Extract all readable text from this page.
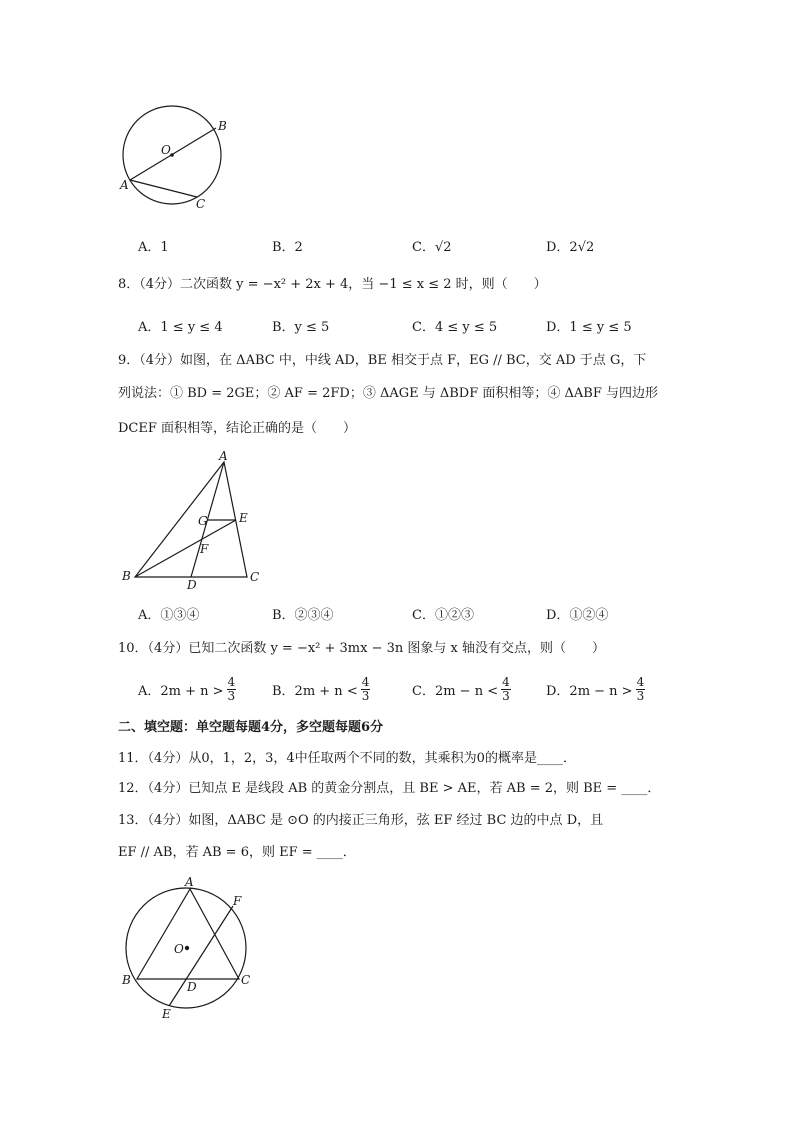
O
B
A
C
A．1	B．2	C．√2	D．2√2
8．（4分）二次函数 y = −x² + 2x + 4，当 −1 ≤ x ≤ 2 时，则（　　）
A．1 ≤ y ≤ 4	B．y ≤ 5	C．4 ≤ y ≤ 5	D．1 ≤ y ≤ 5
9．（4分）如图，在 ΔABC 中，中线 AD，BE 相交于点 F，EG // BC，交 AD 于点 G，下
列说法：① BD = 2GE；② AF = 2FD；③ ΔAGE 与 ΔBDF 面积相等；④ ΔABF 与四边形
DCEF 面积相等，结论正确的是（　　）
A
B	C
D
E
F
G
A．①③④	B．②③④	C．①②③	D．①②④
10．（4分）已知二次函数 y = −x² + 3mx − 3n 图象与 x 轴没有交点，则（　　）
A．$2m + n > \frac{4}{3}$	B．$2m + n < \frac{4}{3}$	C．$2m - n < \frac{4}{3}$	D．$2m - n > \frac{4}{3}$
二、填空题：单空题每题4分，多空题每题6分
11．（4分）从0，1，2，3，4中任取两个不同的数，其乘积为0的概率是____．
12．（4分）已知点 E 是线段 AB 的黄金分割点，且 BE > AE，若 AB = 2，则 BE = ____．
13．（4分）如图，ΔABC 是 ⊙O 的内接正三角形，弦 EF 经过 BC 边的中点 D，且
EF // AB，若 AB = 6，则 EF = ____．
A
F
O
B	C
D
E
